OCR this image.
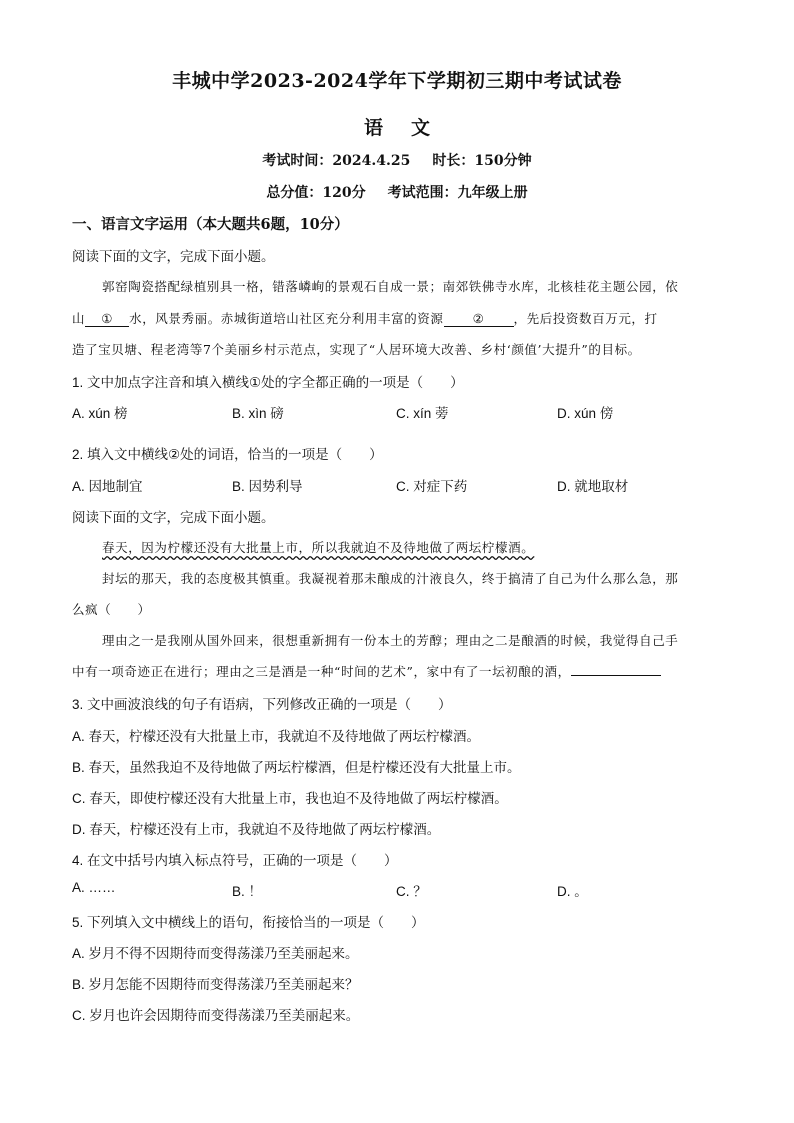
丰城中学2023-2024学年下学期初三期中考试试卷
语文
考试时间：2024.4.25 时长：150分钟
总分值：120分 考试范围：九年级上册
一、语言文字运用（本大题共6题，10分）
阅读下面的文字，完成下面小题。
郭窑陶瓷搭配绿植别具一格，错落嶙峋的景观石自成一景；南郊铁佛寺水库，北核桂花主题公园，依
山 ① 水，风景秀丽。赤城街道培山社区充分利用丰富的资源 ② ，先后投资数百万元，打
造了宝贝塘、程老湾等7个美丽乡村示范点，实现了“人居环境大改善、乡村‘颜值’大提升”的目标。
1. 文中加点字注音和填入横线①处的字全都正确的一项是（　　）
A. xún 榜	B. xìn 磅	C. xín 蒡	D. xún 傍
2. 填入文中横线②处的词语，恰当的一项是（　　）
A. 因地制宜	B. 因势利导	C. 对症下药	D. 就地取材
阅读下面的文字，完成下面小题。
春天，因为柠檬还没有大批量上市，所以我就迫不及待地做了两坛柠檬酒。
封坛的那天，我的态度极其慎重。我凝视着那未酿成的汁液良久，终于搞清了自己为什么那么急，那
么疯（　　）
理由之一是我刚从国外回来，很想重新拥有一份本土的芳醇；理由之二是酿酒的时候，我觉得自己手
中有一项奇迹正在进行；理由之三是酒是一种“时间的艺术”，家中有了一坛初酿的酒，
3. 文中画波浪线的句子有语病，下列修改正确的一项是（　　）
A. 春天，柠檬还没有大批量上市，我就迫不及待地做了两坛柠檬酒。
B. 春天，虽然我迫不及待地做了两坛柠檬酒，但是柠檬还没有大批量上市。
C. 春天，即使柠檬还没有大批量上市，我也迫不及待地做了两坛柠檬酒。
D. 春天，柠檬还没有上市，我就迫不及待地做了两坛柠檬酒。
4. 在文中括号内填入标点符号，正确的一项是（　　）
A. ……	B. ！	C. ？	D. 。
5. 下列填入文中横线上的语句，衔接恰当的一项是（　　）
A. 岁月不得不因期待而变得荡漾乃至美丽起来。
B. 岁月怎能不因期待而变得荡漾乃至美丽起来？
C. 岁月也许会因期待而变得荡漾乃至美丽起来。
